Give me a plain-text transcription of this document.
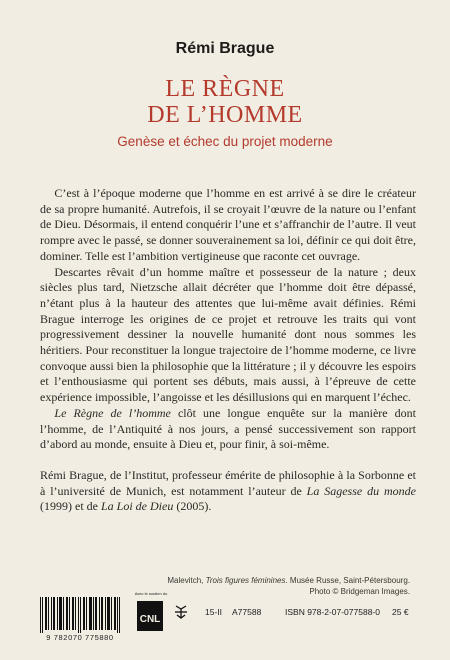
Rémi Brague
LE RÈGNE
DE L’HOMME
Genèse et échec du projet moderne

C’est à l’époque moderne que l’homme en est arrivé à se dire le créateur de sa propre humanité. Autrefois, il se croyait l’œuvre de la nature ou l’enfant de Dieu. Désormais, il entend conquérir l’une et s’affranchir de l’autre. Il veut rompre avec le passé, se donner souverainement sa loi, définir ce qui doit être, dominer. Telle est l’ambition vertigineuse que raconte cet ouvrage.

Descartes rêvait d’un homme maître et possesseur de la nature ; deux siècles plus tard, Nietzsche allait décréter que l’homme doit être dépassé, n’étant plus à la hauteur des attentes que lui-même avait définies. Rémi Brague interroge les origines de ce projet et retrouve les traits qui vont progressivement dessiner la nouvelle humanité dont nous sommes les héritiers. Pour reconstituer la longue trajectoire de l’homme moderne, ce livre convoque aussi bien la philosophie que la littérature ; il y découvre les espoirs et l’enthousiasme qui portent ses débuts, mais aussi, à l’épreuve de cette expérience impossible, l’angoisse et les désillusions qui en marquent l’échec.

Le Règne de l’homme clôt une longue enquête sur la manière dont l’homme, de l’Antiquité à nos jours, a pensé successivement son rapport d’abord au monde, ensuite à Dieu et, pour finir, à soi-même.

Rémi Brague, de l’Institut, professeur émérite de philosophie à la Sorbonne et à l’université de Munich, est notamment l’auteur de La Sagesse du monde (1999) et de La Loi de Dieu (2005).

Malevitch, Trois figures féminines. Musée Russe, Saint-Pétersbourg.
Photo © Bridgeman Images.
9 782070 775880
Avec le soutien du
CNL
15-II A77588	ISBN 978-2-07-077588-0 25 €
